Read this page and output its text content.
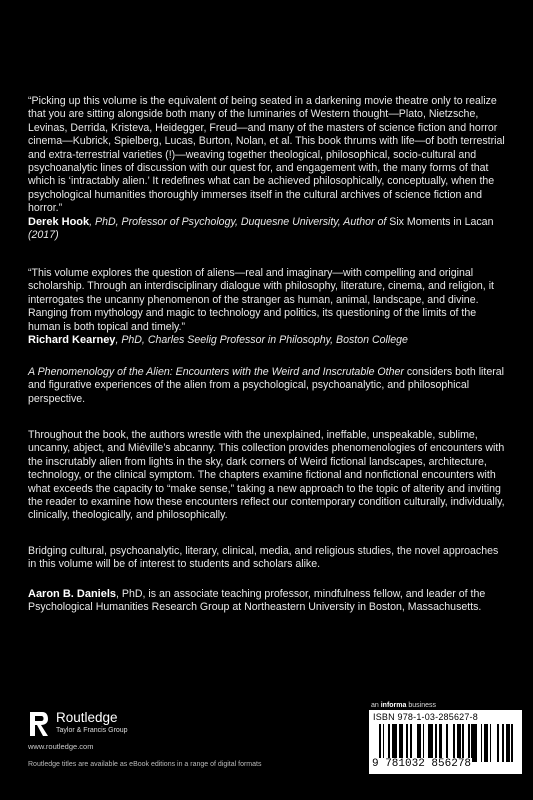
“Picking up this volume is the equivalent of being seated in a darkening movie theatre only to realize that you are sitting alongside both many of the luminaries of Western thought—Plato, Nietzsche, Levinas, Derrida, Kristeva, Heidegger, Freud—and many of the masters of science fiction and horror cinema—Kubrick, Spielberg, Lucas, Burton, Nolan, et al. This book thrums with life—of both terrestrial and extra-terrestrial varieties (!)—weaving together theological, philosophical, socio-cultural and psychoanalytic lines of discussion with our quest for, and engagement with, the many forms of that which is ‘intractably alien.’ It redefines what can be achieved philosophically, conceptually, when the psychological humanities thoroughly immerses itself in the cultural archives of science fiction and horror.”
Derek Hook, PhD, Professor of Psychology, Duquesne University, Author of Six Moments in Lacan (2017)
“This volume explores the question of aliens—real and imaginary—with compelling and original scholarship. Through an interdisciplinary dialogue with philosophy, literature, cinema, and religion, it interrogates the uncanny phenomenon of the stranger as human, animal, landscape, and divine. Ranging from mythology and magic to technology and politics, its questioning of the limits of the human is both topical and timely.”
Richard Kearney, PhD, Charles Seelig Professor in Philosophy, Boston College
A Phenomenology of the Alien: Encounters with the Weird and Inscrutable Other considers both literal and figurative experiences of the alien from a psychological, psychoanalytic, and philosophical perspective.
Throughout the book, the authors wrestle with the unexplained, ineffable, unspeakable, sublime, uncanny, abject, and Miéville’s abcanny. This collection provides phenomenologies of encounters with the inscrutably alien from lights in the sky, dark corners of Weird fictional landscapes, architecture, technology, or the clinical symptom. The chapters examine fictional and nonfictional encounters with what exceeds the capacity to “make sense,” taking a new approach to the topic of alterity and inviting the reader to examine how these encounters reflect our contemporary condition culturally, individually, clinically, theologically, and philosophically.
Bridging cultural, psychoanalytic, literary, clinical, media, and religious studies, the novel approaches in this volume will be of interest to students and scholars alike.
Aaron B. Daniels, PhD, is an associate teaching professor, mindfulness fellow, and leader of the Psychological Humanities Research Group at Northeastern University in Boston, Massachusetts.
Routledge
Taylor & Francis Group
www.routledge.com
Routledge titles are available as eBook editions in a range of digital formats
an informa business
ISBN 978-1-03-285627-8
9 781032 856278
